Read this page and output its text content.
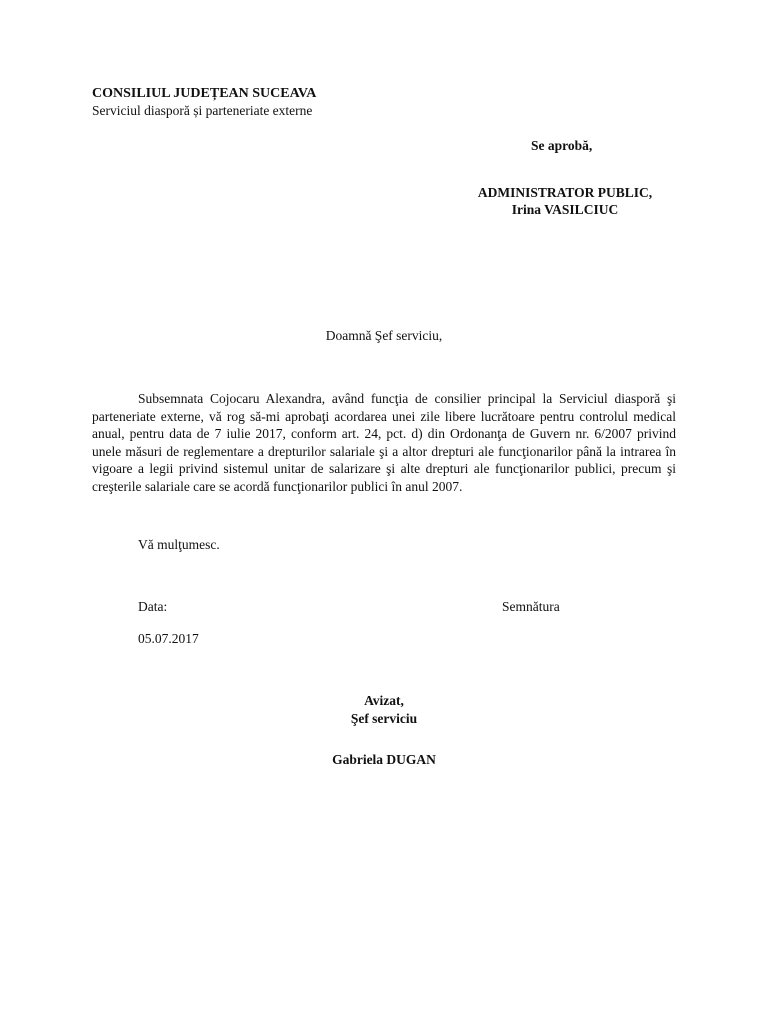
CONSILIUL JUDEȚEAN SUCEAVA
Serviciul diasporă și parteneriate externe
Se aprobă,
ADMINISTRATOR PUBLIC,
Irina VASILCIUC
Doamnă Şef serviciu,

Subsemnata Cojocaru Alexandra, având funcţia de consilier principal la Serviciul diasporă şi parteneriate externe, vă rog să-mi aprobaţi acordarea unei zile libere lucrătoare pentru controlul medical anual, pentru data de 7 iulie 2017, conform art. 24, pct. d) din Ordonanţa de Guvern nr. 6/2007 privind unele măsuri de reglementare a drepturilor salariale şi a altor drepturi ale funcţionarilor până la intrarea în vigoare a legii privind sistemul unitar de salarizare şi alte drepturi ale funcţionarilor publici, precum şi creşterile salariale care se acordă funcţionarilor publici în anul 2007.

Vă mulţumesc.
Data:	Semnătura
05.07.2017
Avizat,
Şef serviciu
Gabriela DUGAN
